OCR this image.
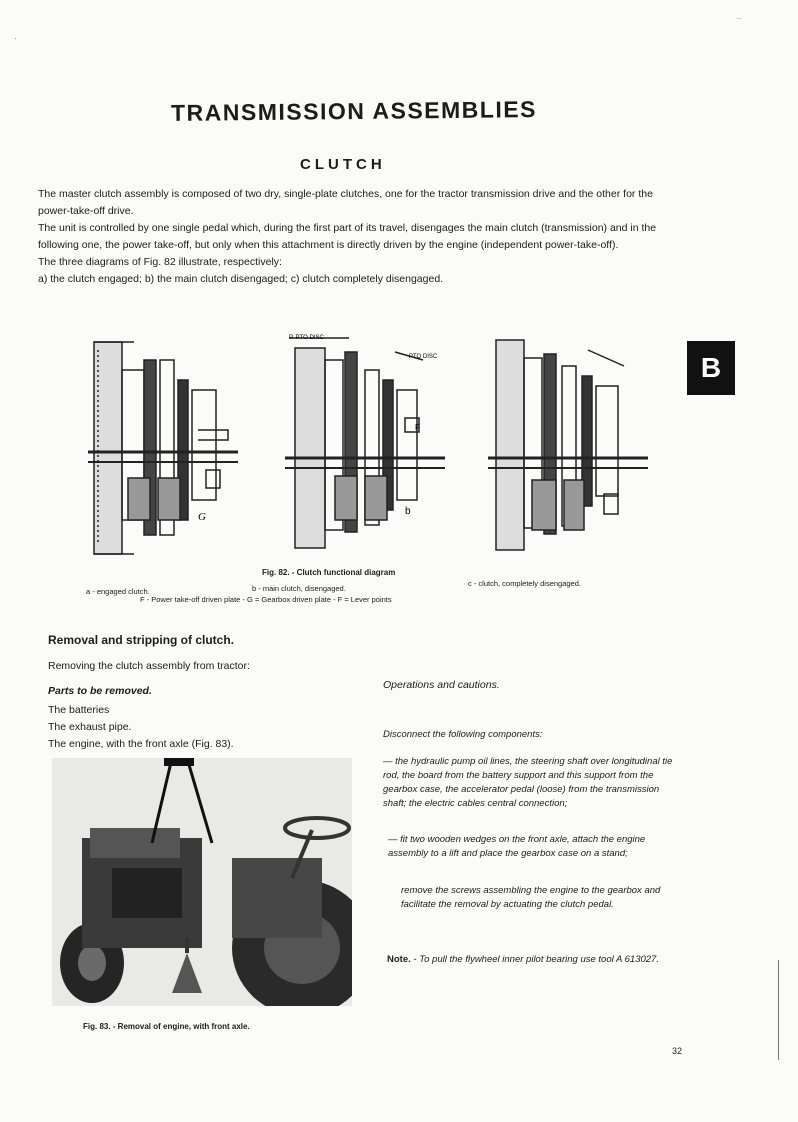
·
··
TRANSMISSION ASSEMBLIES
CLUTCH

The master clutch assembly is composed of two dry, single-plate clutches, one for the tractor transmission drive and the other for the power-take-off drive.

The unit is controlled by one single pedal which, during the first part of its travel, disengages the main clutch (transmission) and in the following one, the power take-off, but only when this attachment is directly driven by the engine (independent power-take-off).

The three diagrams of Fig. 82 illustrate, respectively:

a) the clutch engaged; b) the main clutch disengaged; c) clutch completely disengaged.

B
G
P. PTO DISC
PTO DISC
b
F
Fig. 82. - Clutch functional diagram
a - engaged clutch.	b - main clutch, disengaged.
c - clutch, completely disengaged.
F - Power take-off driven plate - G = Gearbox driven plate - F = Lever points
Removal and stripping of clutch.
Removing the clutch assembly from tractor:
Parts to be removed.
The batteries
The exhaust pipe.
The engine, with the front axle (Fig. 83).
Operations and cautions.
Disconnect the following components:
— the hydraulic pump oil lines, the steering shaft over longitudinal tie rod, the board from the battery support and this support from the gearbox case, the accelerator pedal (loose) from the transmission shaft; the electric cables central connection;
— fit two wooden wedges on the front axle, attach the engine assembly to a lift and place the gearbox case on a stand;
remove the screws assembling the engine to the gearbox and facilitate the removal by actuating the clutch pedal.
Note. - To pull the flywheel inner pilot bearing use tool A 613027.
Fig. 83. - Removal of engine, with front axle.
32
